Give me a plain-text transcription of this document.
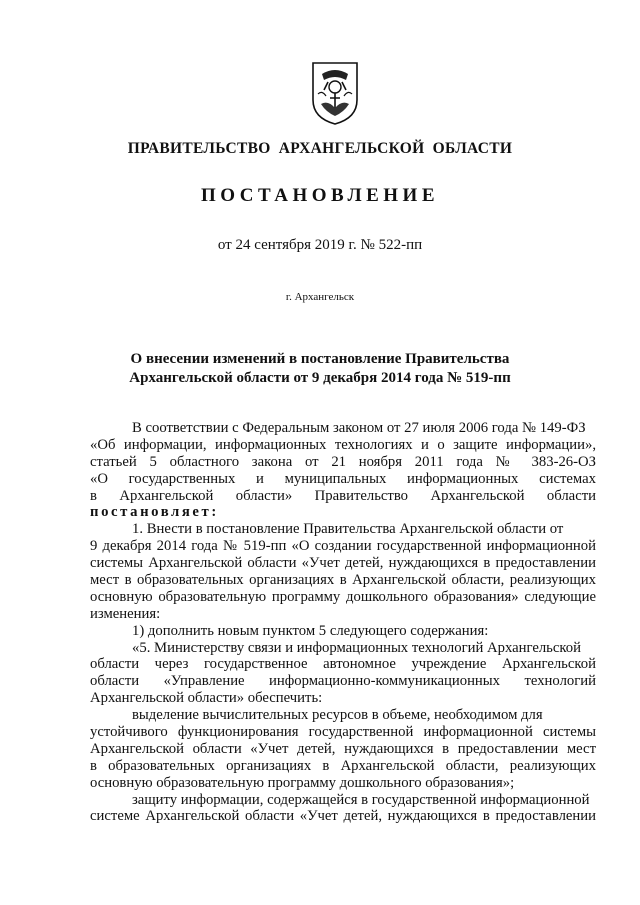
ПРАВИТЕЛЬСТВО АРХАНГЕЛЬСКОЙ ОБЛАСТИ
ПОСТАНОВЛЕНИЕ
от 24 сентября 2019 г. № 522-пп
г. Архангельск
О внесении изменений в постановление Правительства
Архангельской области от 9 декабря 2014 года № 519-пп
В соответствии с Федеральным законом от 27 июля 2006 года № 149-ФЗ
«Об информации, информационных технологиях и о защите информации»,
статьей 5 областного закона от 21 ноября 2011 года № 383-26-ОЗ
«О государственных и муниципальных информационных системах
в Архангельской области» Правительство Архангельской области
постановляет:
1. Внести в постановление Правительства Архангельской области от
9 декабря 2014 года № 519-пп «О создании государственной информационной
системы Архангельской области «Учет детей, нуждающихся в предоставлении
мест в образовательных организациях в Архангельской области, реализующих
основную образовательную программу дошкольного образования» следующие
изменения:
1) дополнить новым пунктом 5 следующего содержания:
«5. Министерству связи и информационных технологий Архангельской
области через государственное автономное учреждение Архангельской
области «Управление информационно-коммуникационных технологий
Архангельской области» обеспечить:
выделение вычислительных ресурсов в объеме, необходимом для
устойчивого функционирования государственной информационной системы
Архангельской области «Учет детей, нуждающихся в предоставлении мест
в образовательных организациях в Архангельской области, реализующих
основную образовательную программу дошкольного образования»;
защиту информации, содержащейся в государственной информационной
системе Архангельской области «Учет детей, нуждающихся в предоставлении
